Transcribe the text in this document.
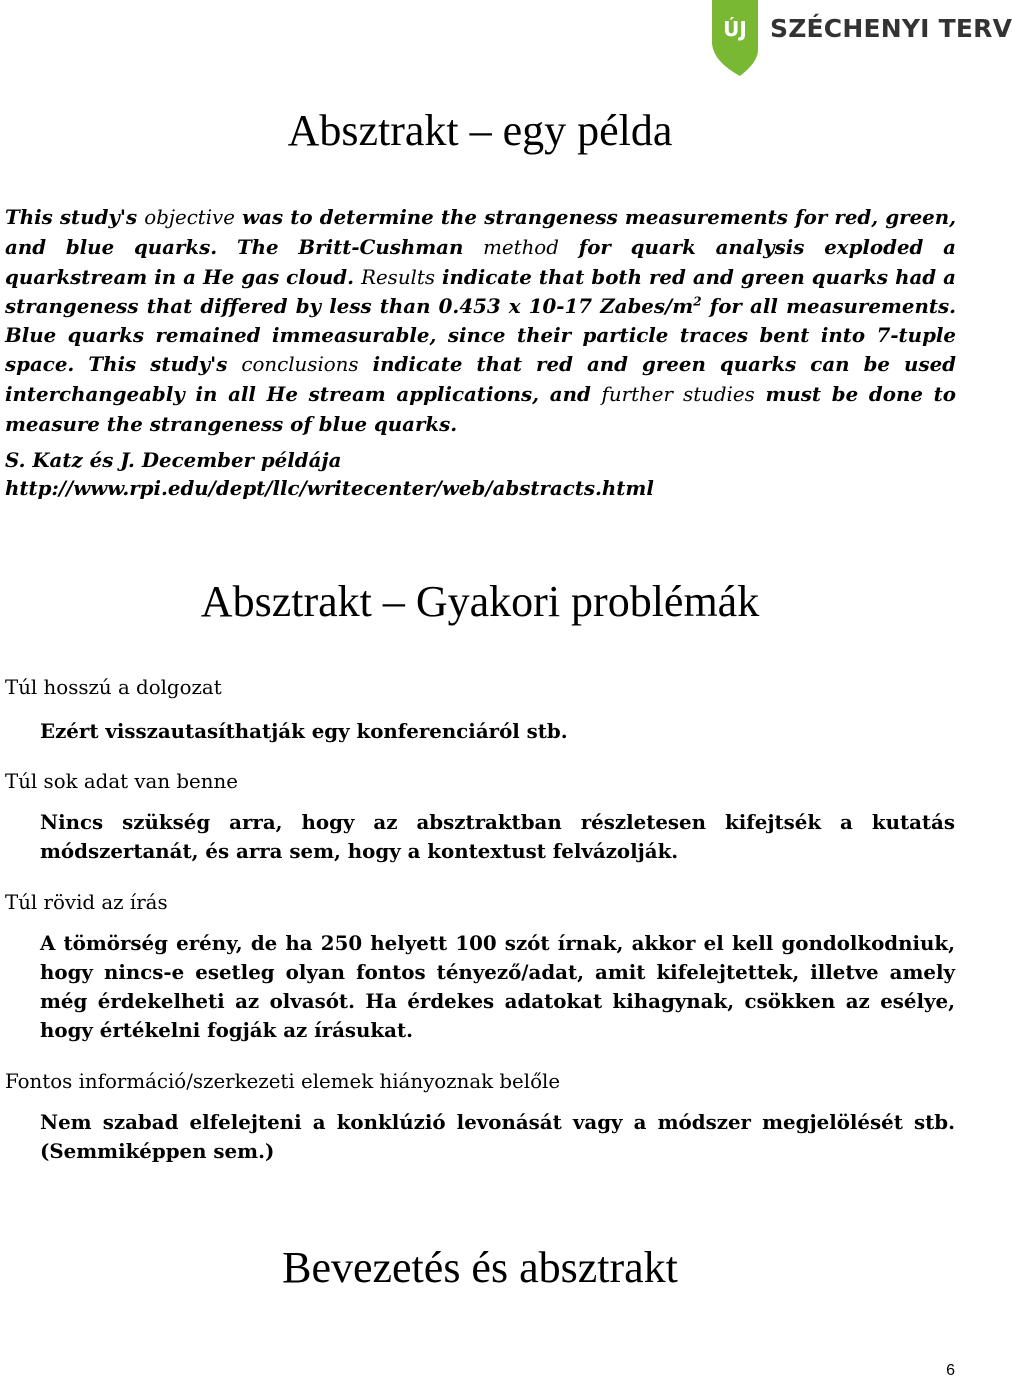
ÚJ SZÉCHENYI TERV
Absztrakt – egy példa
This study's objective was to determine the strangeness measurements for red, green, and blue quarks. The Britt-Cushman method for quark analysis exploded a quarkstream in a He gas cloud. Results indicate that both red and green quarks had a strangeness that differed by less than 0.453 x 10-17 Zabes/$m^2$ for all measurements. Blue quarks remained immeasurable, since their particle traces bent into 7-tuple space. This study's conclusions indicate that red and green quarks can be used interchangeably in all He stream applications, and further studies must be done to measure the strangeness of blue quarks.
S. Katz és J. December példája
http://www.rpi.edu/dept/llc/writecenter/web/abstracts.html
Absztrakt – Gyakori problémák
Túl hosszú a dolgozat
Ezért visszautasíthatják egy konferenciáról stb.
Túl sok adat van benne
Nincs szükség arra, hogy az absztraktban részletesen kifejtsék a kutatás módszertanát, és arra sem, hogy a kontextust felvázolják.
Túl rövid az írás
A tömörség erény, de ha 250 helyett 100 szót írnak, akkor el kell gondolkodniuk, hogy nincs-e esetleg olyan fontos tényező/adat, amit kifelejtettek, illetve amely még érdekelheti az olvasót. Ha érdekes adatokat kihagynak, csökken az esélye, hogy értékelni fogják az írásukat.
Fontos információ/szerkezeti elemek hiányoznak belőle
Nem szabad elfelejteni a konklúzió levonását vagy a módszer megjelölését stb. (Semmiképpen sem.)
Bevezetés és absztrakt
6
